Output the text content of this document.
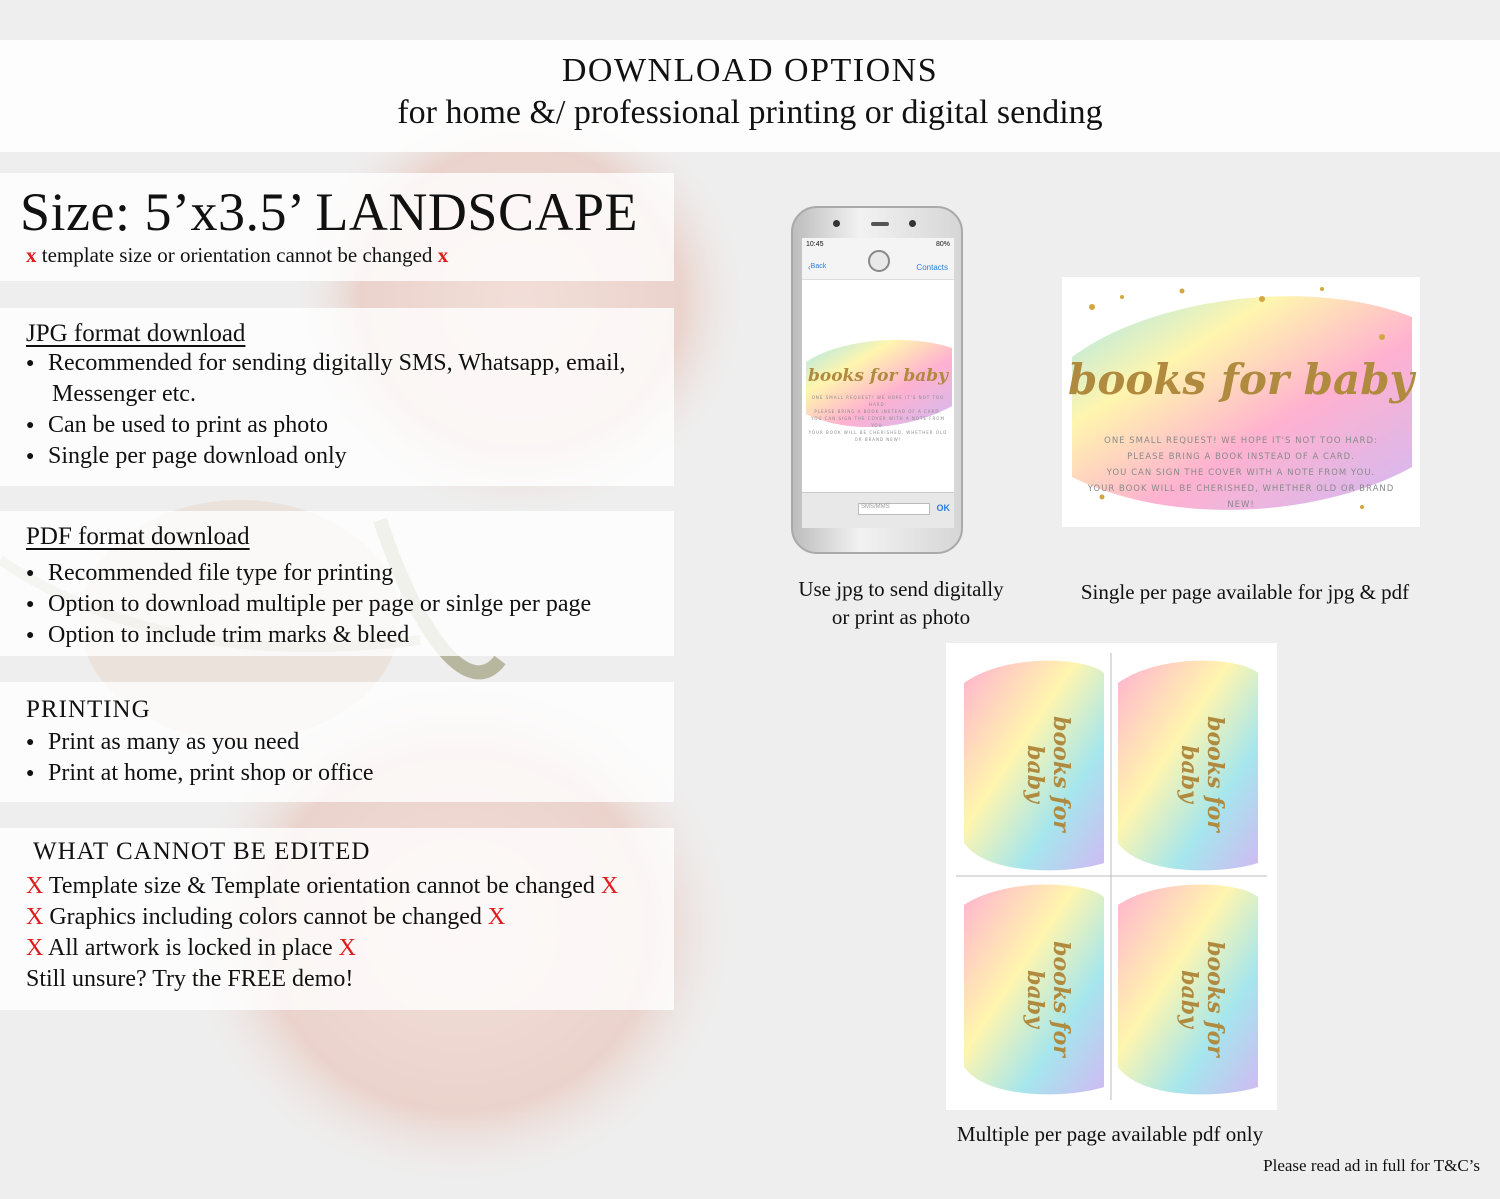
DOWNLOAD OPTIONS
for home &/ professional printing or digital sending
Size: 5’x3.5’ LANDSCAPE
x template size or orientation cannot be changed x
JPG format download
● Recommended for sending digitally SMS, Whatsapp, email,
Messenger etc.
● Can be used to print as photo
● Single per page download only
PDF format download
● Recommended file type for printing
● Option to download multiple per page or sinlge per page
● Option to include trim marks & bleed
PRINTING
● Print as many as you need
● Print at home, print shop or office
WHAT CANNOT BE EDITED
X Template size & Template orientation cannot be changed X
X Graphics including colors cannot be changed X
X All artwork is locked in place X
Still unsure? Try the FREE demo!
10:45	80%
‹ Back	Contacts
books for baby
ONE SMALL REQUEST! WE HOPE IT'S NOT TOO HARD:
PLEASE BRING A BOOK INSTEAD OF A CARD.
YOU CAN SIGN THE COVER WITH A NOTE FROM YOU.
YOUR BOOK WILL BE CHERISHED, WHETHER OLD OR BRAND NEW!
SMS/MMS	OK
books for baby
ONE SMALL REQUEST! WE HOPE IT'S NOT TOO HARD:
PLEASE BRING A BOOK INSTEAD OF A CARD.
YOU CAN SIGN THE COVER WITH A NOTE FROM YOU.
YOUR BOOK WILL BE CHERISHED, WHETHER OLD OR BRAND NEW!
books for baby	books for baby
books for baby	books for baby
Use jpg to send digitally
or print as photo
Single per page available for jpg & pdf
Multiple per page available pdf only
Please read ad in full for T&C’s
